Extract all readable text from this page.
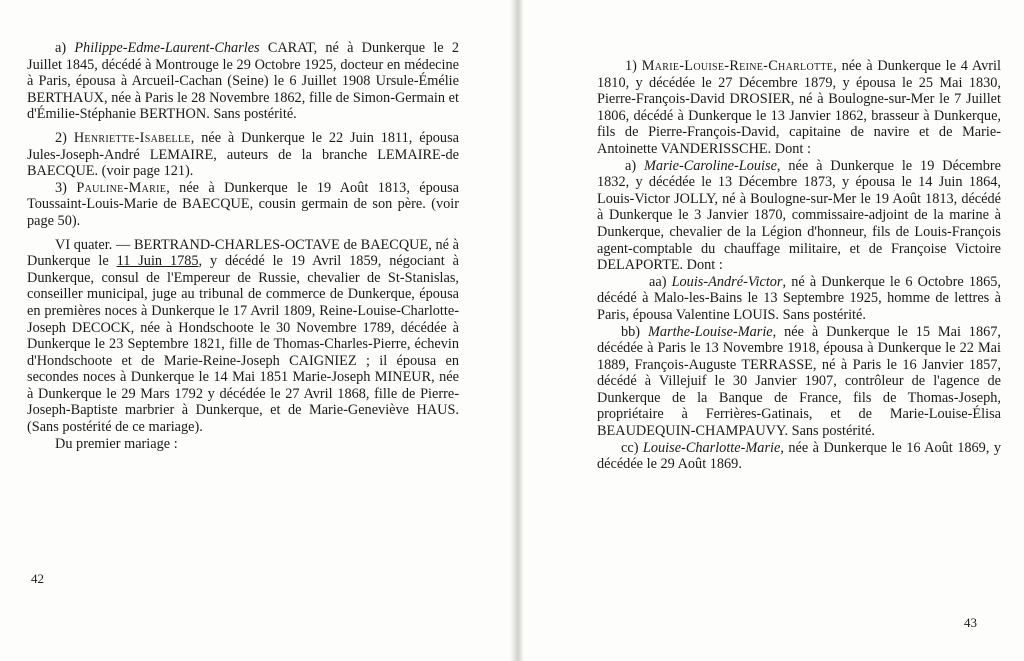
a) Philippe-Edme-Laurent-Charles CARAT, né à Dunkerque le 2 Juillet 1845, décédé à Montrouge le 29 Octobre 1925, docteur en médecine à Paris, épousa à Arcueil-Cachan (Seine) le 6 Juillet 1908 Ursule-Émélie BERTHAUX, née à Paris le 28 Novembre 1862, fille de Simon-Germain et d'Émilie-Stéphanie BERTHON. Sans postérité.

2) Henriette-Isabelle, née à Dunkerque le 22 Juin 1811, épousa Jules-Joseph-André LEMAIRE, auteurs de la branche LEMAIRE-de BAECQUE. (voir page 121).

3) Pauline-Marie, née à Dunkerque le 19 Août 1813, épousa Toussaint-Louis-Marie de BAECQUE, cousin germain de son père. (voir page 50).

VI quater. — BERTRAND-CHARLES-OCTAVE de BAECQUE, né à Dunkerque le 11 Juin 1785, y décédé le 19 Avril 1859, négociant à Dunkerque, consul de l'Empereur de Russie, chevalier de St-Stanislas, conseiller municipal, juge au tribunal de commerce de Dunkerque, épousa en premières noces à Dunkerque le 17 Avril 1809, Reine-Louise-Charlotte-Joseph DECOCK, née à Hondschoote le 30 Novembre 1789, décédée à Dunkerque le 23 Septembre 1821, fille de Thomas-Charles-Pierre, échevin d'Hondschoote et de Marie-Reine-Joseph CAIGNIEZ ; il épousa en secondes noces à Dunkerque le 14 Mai 1851 Marie-Joseph MINEUR, née à Dunkerque le 29 Mars 1792 y décédée le 27 Avril 1868, fille de Pierre-Joseph-Baptiste marbrier à Dunkerque, et de Marie-Geneviève HAUS. (Sans postérité de ce mariage).

Du premier mariage :

42

1) Marie-Louise-Reine-Charlotte, née à Dunkerque le 4 Avril 1810, y décédée le 27 Décembre 1879, y épousa le 25 Mai 1830, Pierre-François-David DROSIER, né à Boulogne-sur-Mer le 7 Juillet 1806, décédé à Dunkerque le 13 Janvier 1862, brasseur à Dunkerque, fils de Pierre-François-David, capitaine de navire et de Marie-Antoinette VANDERISSCHE. Dont :

a) Marie-Caroline-Louise, née à Dunkerque le 19 Décembre 1832, y décédée le 13 Décembre 1873, y épousa le 14 Juin 1864, Louis-Victor JOLLY, né à Boulogne-sur-Mer le 19 Août 1813, décédé à Dunkerque le 3 Janvier 1870, commissaire-adjoint de la marine à Dunkerque, chevalier de la Légion d'honneur, fils de Louis-François agent-comptable du chauffage militaire, et de Françoise Victoire DELAPORTE. Dont :

aa) Louis-André-Victor, né à Dunkerque le 6 Octobre 1865, décédé à Malo-les-Bains le 13 Septembre 1925, homme de lettres à Paris, épousa Valentine LOUIS. Sans postérité.

bb) Marthe-Louise-Marie, née à Dunkerque le 15 Mai 1867, décédée à Paris le 13 Novembre 1918, épousa à Dunkerque le 22 Mai 1889, François-Auguste TERRASSE, né à Paris le 16 Janvier 1857, décédé à Villejuif le 30 Janvier 1907, contrôleur de l'agence de Dunkerque de la Banque de France, fils de Thomas-Joseph, propriétaire à Ferrières-Gatinais, et de Marie-Louise-Élisa BEAUDEQUIN-CHAMPAUVY. Sans postérité.

cc) Louise-Charlotte-Marie, née à Dunkerque le 16 Août 1869, y décédée le 29 Août 1869.

43
